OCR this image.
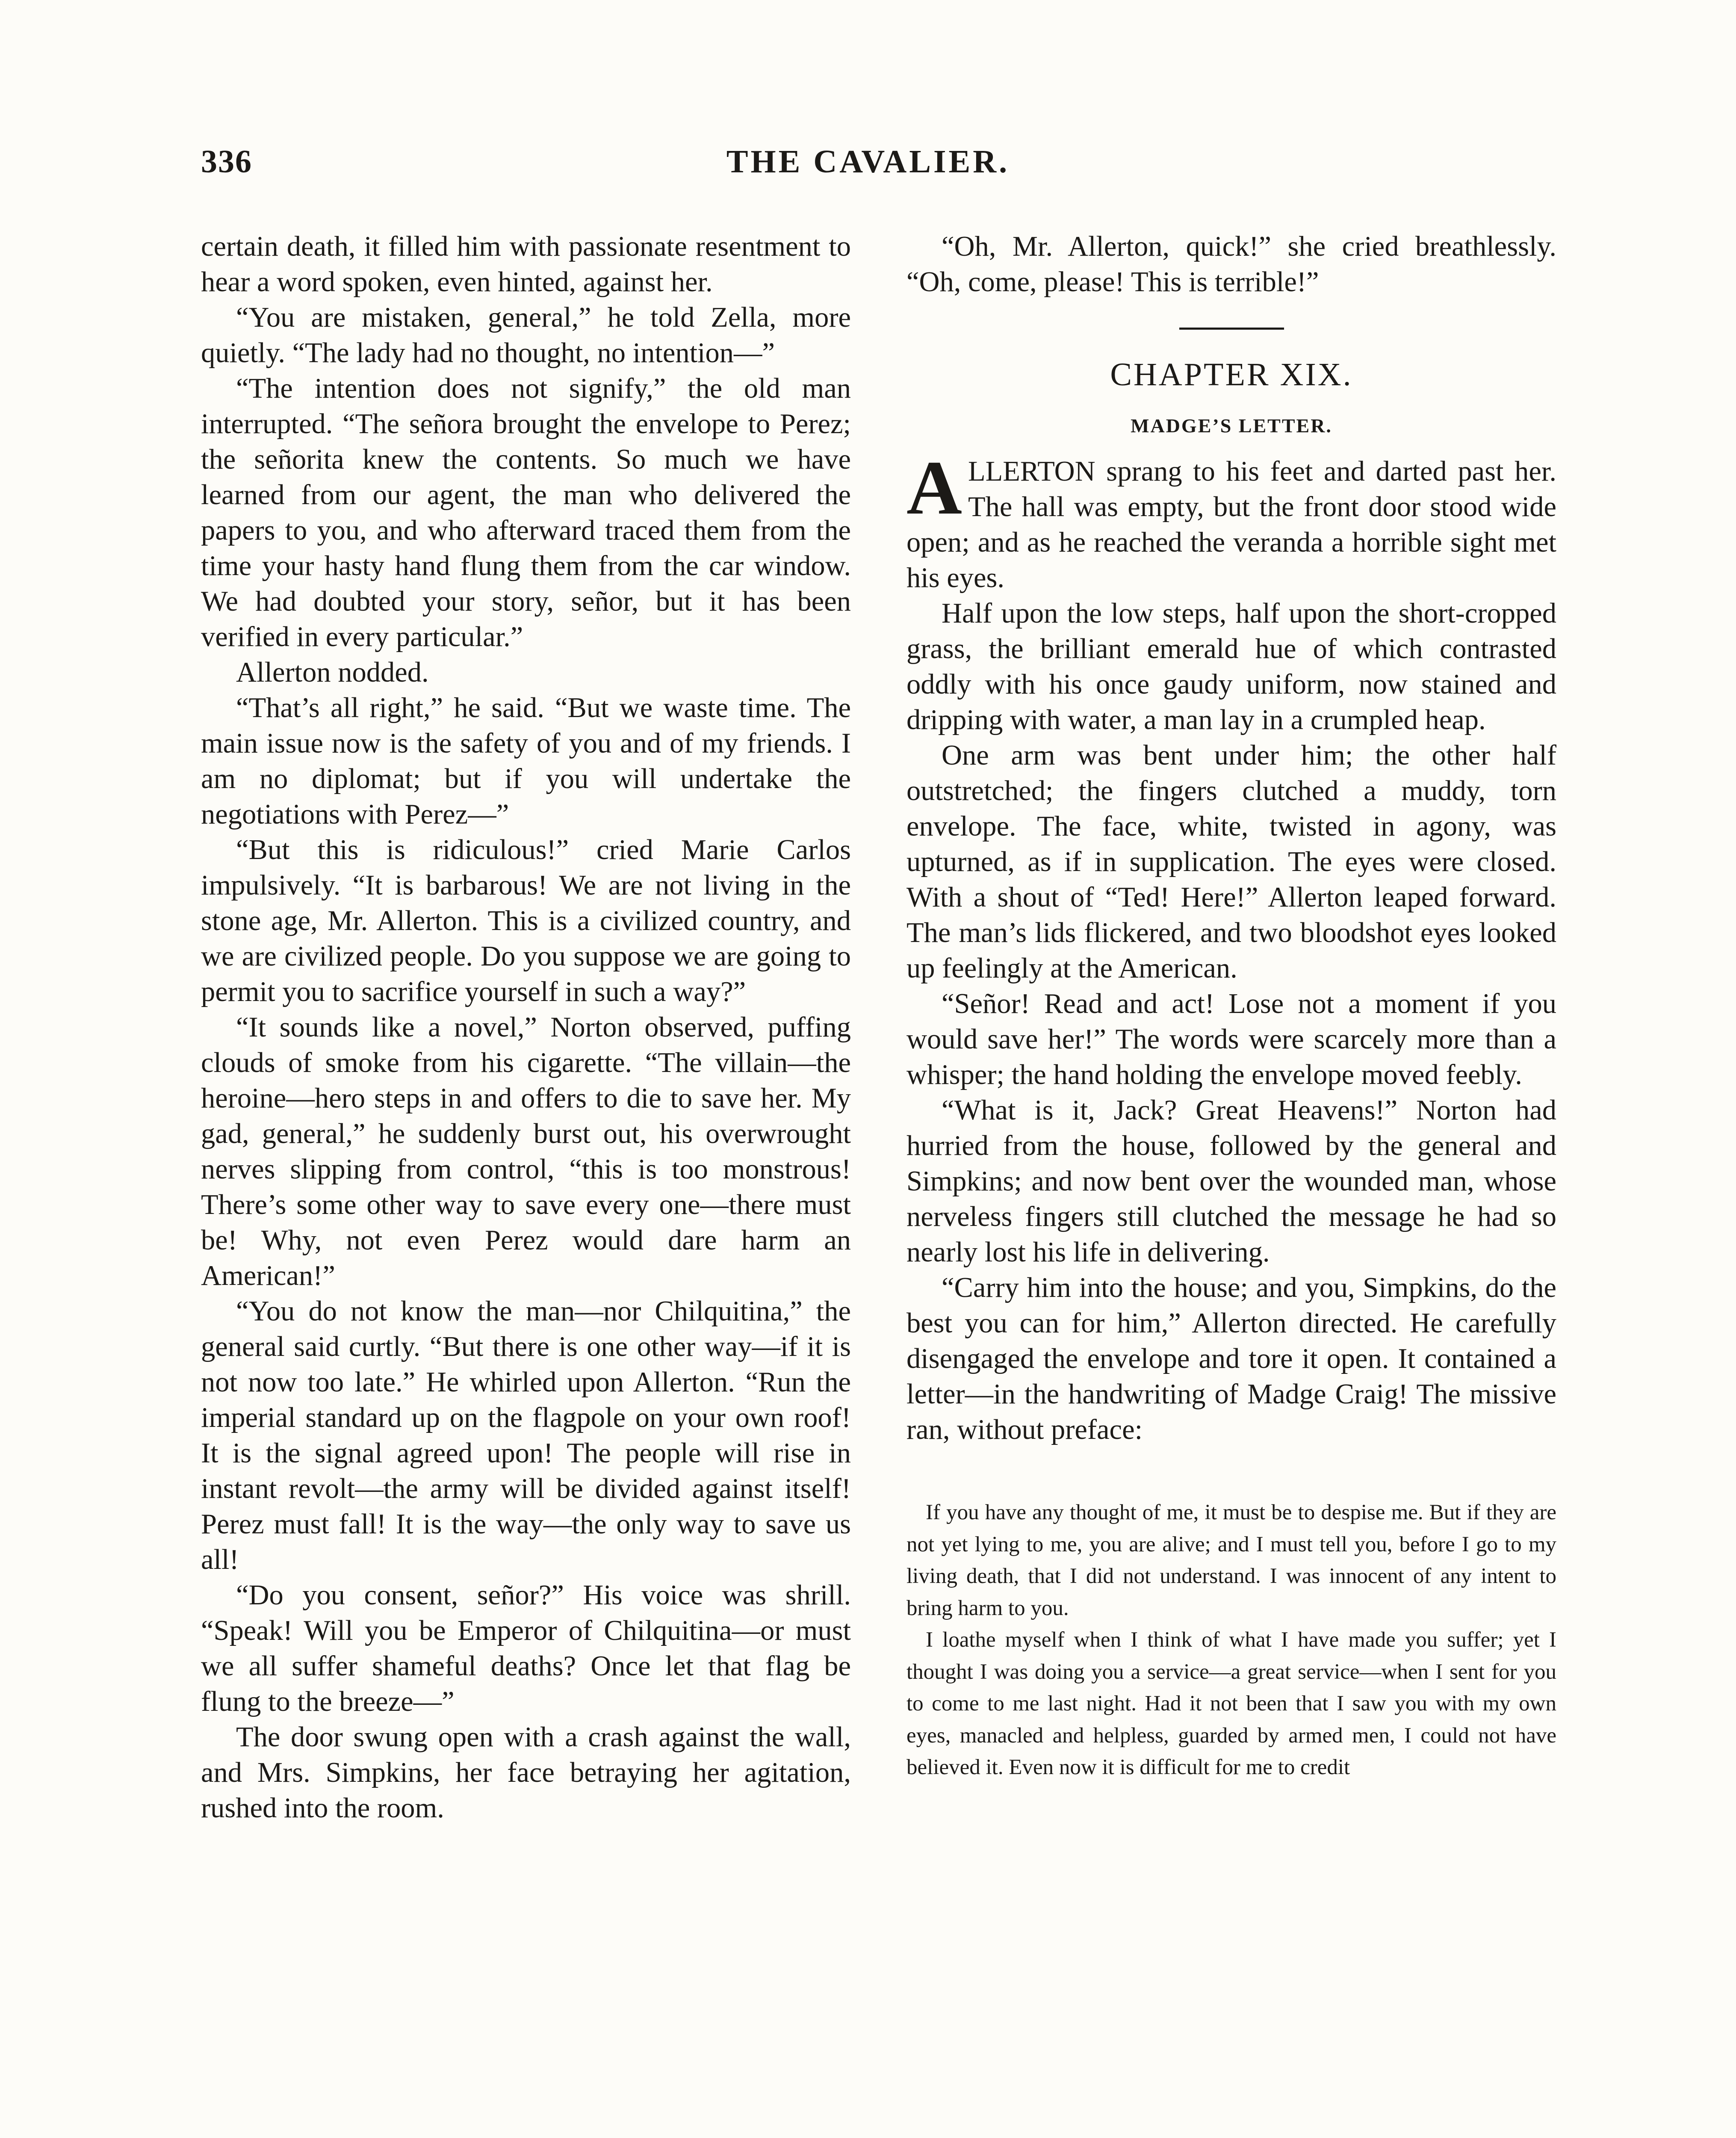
336	THE CAVALIER.

certain death, it filled him with passionate resentment to hear a word spoken, even hinted, against her.

“You are mistaken, general,” he told Zella, more quietly. “The lady had no thought, no intention—”

“The intention does not signify,” the old man interrupted. “The señora brought the envelope to Perez; the señorita knew the contents. So much we have learned from our agent, the man who delivered the papers to you, and who afterward traced them from the time your hasty hand flung them from the car window. We had doubted your story, señor, but it has been verified in every particular.”

Allerton nodded.

“That’s all right,” he said. “But we waste time. The main issue now is the safety of you and of my friends. I am no diplomat; but if you will undertake the negotiations with Perez—”

“But this is ridiculous!” cried Marie Carlos impulsively. “It is barbarous! We are not living in the stone age, Mr. Allerton. This is a civilized country, and we are civilized people. Do you suppose we are going to permit you to sacrifice yourself in such a way?”

“It sounds like a novel,” Norton observed, puffing clouds of smoke from his cigarette. “The villain—the heroine—hero steps in and offers to die to save her. My gad, general,” he suddenly burst out, his overwrought nerves slipping from control, “this is too monstrous! There’s some other way to save every one—there must be! Why, not even Perez would dare harm an American!”

“You do not know the man—nor Chilquitina,” the general said curtly. “But there is one other way—if it is not now too late.” He whirled upon Allerton. “Run the imperial standard up on the flagpole on your own roof! It is the signal agreed upon! The people will rise in instant revolt—the army will be divided against itself! Perez must fall! It is the way—the only way to save us all!

“Do you consent, señor?” His voice was shrill. “Speak! Will you be Emperor of Chilquitina—or must we all suffer shameful deaths? Once let that flag be flung to the breeze—”

The door swung open with a crash against the wall, and Mrs. Simpkins, her face betraying her agitation, rushed into the room.

“Oh, Mr. Allerton, quick!” she cried breathlessly. “Oh, come, please! This is terrible!”

CHAPTER XIX.
MADGE’S LETTER.

ALLERTON sprang to his feet and darted past her. The hall was empty, but the front door stood wide open; and as he reached the veranda a horrible sight met his eyes.

Half upon the low steps, half upon the short-cropped grass, the brilliant emerald hue of which contrasted oddly with his once gaudy uniform, now stained and dripping with water, a man lay in a crumpled heap.

One arm was bent under him; the other half outstretched; the fingers clutched a muddy, torn envelope. The face, white, twisted in agony, was upturned, as if in supplication. The eyes were closed. With a shout of “Ted! Here!” Allerton leaped forward. The man’s lids flickered, and two bloodshot eyes looked up feelingly at the American.

“Señor! Read and act! Lose not a moment if you would save her!” The words were scarcely more than a whisper; the hand holding the envelope moved feebly.

“What is it, Jack? Great Heavens!” Norton had hurried from the house, followed by the general and Simpkins; and now bent over the wounded man, whose nerveless fingers still clutched the message he had so nearly lost his life in delivering.

“Carry him into the house; and you, Simpkins, do the best you can for him,” Allerton directed. He carefully disengaged the envelope and tore it open. It contained a letter—in the handwriting of Madge Craig! The missive ran, without preface:

If you have any thought of me, it must be to despise me. But if they are not yet lying to me, you are alive; and I must tell you, before I go to my living death, that I did not understand. I was innocent of any intent to bring harm to you.

I loathe myself when I think of what I have made you suffer; yet I thought I was doing you a service—a great service—when I sent for you to come to me last night. Had it not been that I saw you with my own eyes, manacled and helpless, guarded by armed men, I could not have believed it. Even now it is difficult for me to credit
